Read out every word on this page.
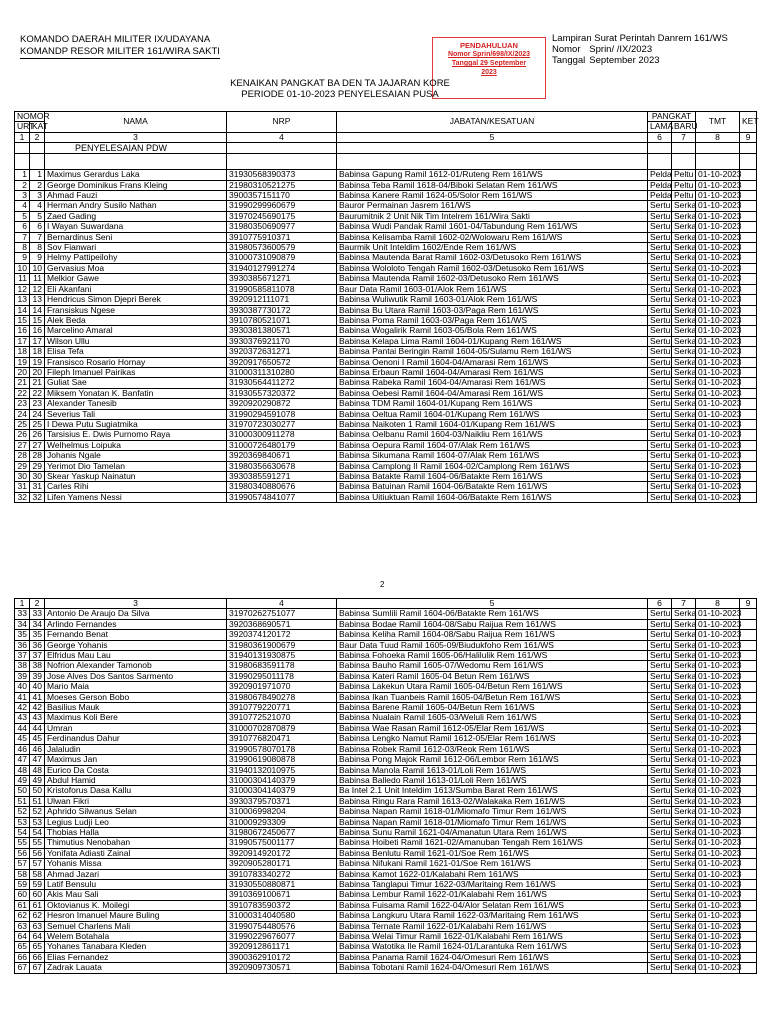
KOMANDO DAERAH MILITER IX/UDAYANA
KOMANDP RESOR MILITER 161/WIRA SAKTI
PENDAHULUAN
Nomor Sprin/698/IX/2023
Tanggal 29 September
2023
Lampiran Surat Perintah Danrem 161/WS
Nomor	Sprin/ /IX/2023
Tanggal	September 2023
KENAIKAN PANGKAT BA DEN TA JAJARAN KORE
PERIODE 01-10-2023 PENYELESAIAN PUSA
NOMOR		NAMA	NRP	JABATAN/KESATUAN	PANGKAT		TMT	KET
URT	KAT				LAMA	BARU		
1	2	3	4	5	6	7	8	9
		PENYELESAIAN PDW						

1	1	Maximus Gerardus Laka	31930568390373	Babinsa Gapung Ramil 1612-01/Ruteng Rem 161/WS	Pelda	Peltu	01-10-2023	
2	2	George Dominikus Frans Kleing	21980310521275	Babinsa Teba Ramil 1618-04/Biboki Selatan Rem 161/WS	Pelda	Peltu	01-10-2023	
3	3	Ahmad Fauzi	3900357151170	Babinsa Kanere Ramil 1624-05/Solor Rem 161/WS	Pelda	Peltu	01-10-2023	
4	4	Herman Andry Susilo Nathan	31990299960679	Bauror Permainan Jasrem 161/WS	Sertu	Serka	01-10-2023	
5	5	Zaed Gading	31970245690175	Baurumitnik 2 Unit Nik Tim Intelrem 161/Wira Sakti	Sertu	Serka	01-10-2023	
6	6	I Wayan Suwardana	31980350690977	Babinsa Wudi Pandak Ramil 1601-04/Tabundung Rem 161/WS	Sertu	Serka	01-10-2023	
7	7	Bernardinus Seni	3910775910371	Babinsa Kelisamba Ramil 1602-02/Wolowaru Rem 161/WS	Sertu	Serka	01-10-2023	
8	8	Sov Fianwari	31980573600579	Baurmik Unit Inteldim 1602/Ende Rem 161/WS	Sertu	Serka	01-10-2023	
9	9	Helmy Pattipeilohy	31000731090879	Babinsa Mautenda Barat Ramil 1602-03/Detusoko Rem 161/WS	Sertu	Serka	01-10-2023	
10	10	Gervasius Moa	31940127991274	Babinsa Wololoto Tengah Ramil 1602-03/Detusoko Rem 161/WS	Sertu	Serka	01-10-2023	
11	11	Melkior Gawe	3930385671271	Babinsa Mautenda Ramil 1602-03/Detusoko Rem 161/WS	Sertu	Serka	01-10-2023	
12	12	Eli Akanfani	31990585811078	Baur Data Ramil 1603-01/Alok Rem 161/WS	Sertu	Serka	01-10-2023	
13	13	Hendricus Simon Djepri Berek	3920912111071	Babinsa Wuliwutik Ramil 1603-01/Alok Rem 161/WS	Sertu	Serka	01-10-2023	
14	14	Fransiskus Ngese	3930387730172	Babinsa Bu Utara Ramil 1603-03/Paga Rem 161/WS	Sertu	Serka	01-10-2023	
15	15	Alek Beda	3910780521071	Babinsa Poma Ramil 1603-03/Paga Rem 161/WS	Sertu	Serka	01-10-2023	
16	16	Marcelino Amaral	3930381380571	Babinsa Wogalirik Ramil 1603-05/Bola Rem 161/WS	Sertu	Serka	01-10-2023	
17	17	Wilson Ullu	3930376921170	Babinsa Kelapa Lima Ramil 1604-01/Kupang Rem 161/WS	Sertu	Serka	01-10-2023	
18	18	Elisa Tefa	3920372631271	Babinsa Pantai Beringin Ramil 1604-05/Sulamu Rem 161/WS	Sertu	Serka	01-10-2023	
19	19	Fransisco Rosario Hornay	3920917650572	Babinsa Oenoni I Ramil 1604-04/Amarasi Rem 161/WS	Sertu	Serka	01-10-2023	
20	20	Fileph Imanuel Pairikas	31000311310280	Babinsa Erbaun Ramil 1604-04/Amarasi Rem 161/WS	Sertu	Serka	01-10-2023	
21	21	Guliat Sae	31930564411272	Babinsa Rabeka Ramil 1604-04/Amarasi Rem 161/WS	Sertu	Serka	01-10-2023	
22	22	Miksem Yonatan K. Banfatin	31930557320372	Babinsa Oebesi Ramil 1604-04/Amarasi Rem 161/WS	Sertu	Serka	01-10-2023	
23	23	Alexander Tanesib	3920920290872	Babinsa TDM Ramil 1604-01/Kupang Rem 161/WS	Sertu	Serka	01-10-2023	
24	24	Severius Tali	31990294591078	Babinsa Oeltua Ramil 1604-01/Kupang Rem 161/WS	Sertu	Serka	01-10-2023	
25	25	I Dewa Putu Sugiatmika	31970723030277	Babinsa Naikoten 1 Ramil 1604-01/Kupang Rem 161/WS	Sertu	Serka	01-10-2023	
26	26	Tarsisius E. Dwis Purnomo Raya	31000300911278	Babinsa Oelbanu Ramil 1604-03/Naikliu Rem 161/WS	Sertu	Serka	01-10-2023	
27	27	Welhelmus Loipuka	31000726480179	Babinsa Oepura Ramil 1604-07/Alak Rem 161/WS	Sertu	Serka	01-10-2023	
28	28	Johanis Ngale	3920369840671	Babinsa Sikumana Ramil 1604-07/Alak Rem 161/WS	Sertu	Serka	01-10-2023	
29	29	Yerimot Dio Tamelan	31980356630678	Babinsa Camplong II Ramil 1604-02/Camplong Rem 161/WS	Sertu	Serka	01-10-2023	
30	30	Skear Yaskup Nainatun	3930385591271	Babinsa Batakte Ramil 1604-06/Batakte Rem 161/WS	Sertu	Serka	01-10-2023	
31	31	Carles Rihi	31980340880676	Babinsa Batuinan Ramil 1604-06/Batakte Rem 161/WS	Sertu	Serka	01-10-2023	
32	32	Lifen Yamens Nessi	31990574841077	Babinsa Uitiuktuan Ramil 1604-06/Batakte Rem 161/WS	Sertu	Serka	01-10-2023	
2
1	2	3	4	5	6	7	8	9
33	33	Antonio De Araujo Da Silva	31970262751077	Babinsa Sumlili Ramil 1604-06/Batakte Rem 161/WS	Sertu	Serka	01-10-2023	
34	34	Arlindo Fernandes	3920368690571	Babinsa Bodae Ramil 1604-08/Sabu Raijua Rem 161/WS	Sertu	Serka	01-10-2023	
35	35	Fernando Benat	3920374120172	Babinsa Keliha Ramil 1604-08/Sabu Raijua Rem 161/WS	Sertu	Serka	01-10-2023	
36	36	George Yohanis	31980361900679	Baur Data Tuud Ramil 1605-09/Biudukfoho Rem 161/WS	Sertu	Serka	01-10-2023	
37	37	Elfridus Mau Lau	31940131930875	Babinsa Fohoeka Ramil 1605-06/Halilulik Rem 161/WS	Sertu	Serka	01-10-2023	
38	38	Nofrion Alexander Tamonob	31980683591178	Babinsa Bauho Ramil 1605-07/Wedomu Rem 161/WS	Sertu	Serka	01-10-2023	
39	39	Jose Alves Dos Santos Sarmento	31990295011178	Babinsa Kateri Ramil 1605-04 Betun Rem 161/WS	Sertu	Serka	01-10-2023	
40	40	Mario Maia	3920901971070	Babinsa Lakekun Utara Ramil 1605-04/Betun Rem 161/WS	Sertu	Serka	01-10-2023	
41	41	Moeses Gerson Bobo	31980678490278	Babinsa Ikan Tuanbeis Ramil 1605-04/Betun Rem 161/WS	Sertu	Serka	01-10-2023	
42	42	Basilius Mauk	3910779220771	Babinsa Barene Ramil 1605-04/Betun Rem 161/WS	Sertu	Serka	01-10-2023	
43	43	Maximus Koli Bere	3910772521070	Babinsa Nualain Ramil 1605-03/Weluli Rem 161/WS	Sertu	Serka	01-10-2023	
44	44	Umran	31000702870879	Babinsa Wae Rasan Ramil 1612-05/Elar Rem 161/WS	Sertu	Serka	01-10-2023	
45	45	Ferdinandus Dahur	3910776820471	Babinsa Lengko Namut Ramil 1612-05/Elar Rem 161/WS	Sertu	Serka	01-10-2023	
46	46	Jalaludin	31990578070178	Babinsa Robek Ramil 1612-03/Reok Rem 161/WS	Sertu	Serka	01-10-2023	
47	47	Maximus Jan	31990619080878	Babinsa Pong Majok Ramil 1612-06/Lembor Rem 161/WS	Sertu	Serka	01-10-2023	
48	48	Eurico Da Costa	31940132010975	Babinsa Manola Ramil 1613-01/Loli Rem 161/WS	Sertu	Serka	01-10-2023	
49	49	Abdul Hamid	31000304140379	Babinsa Balledo Ramil 1613-01/Loli Rem 161/WS	Sertu	Serka	01-10-2023	
50	50	Kristoforus Dasa Kallu	31000304140379	Ba Intel 2.1 Unit Inteldim 1613/Sumba Barat Rem 161/WS	Sertu	Serka	01-10-2023	
51	51	Ulwan Fikri	3930379570371	Babinsa Ringu Rara Ramil 1613-02/Walakaka Rem 161/WS	Sertu	Serka	01-10-2023	
52	52	Aphrido Silwanus Selan	310006998204	Babinsa Napan Ramil 1618-01/Miomafo Timur Rem 161/WS	Sertu	Serka	01-10-2023	
53	53	Legius Ludji Leo	310009293309	Babinsa Napan Ramil 1618-01/Miomafo Timur Rem 161/WS	Sertu	Serka	01-10-2023	
54	54	Thobias Halla	31980672450677	Babinsa Sunu Ramil 1621-04/Amanatun Utara Rem 161/WS	Sertu	Serka	01-10-2023	
55	55	Thimutius Nenobahan	31990575001177	Babinsa Hoibeti Ramil 1621-02/Amanuban Tengah Rem 161/WS	Sertu	Serka	01-10-2023	
56	56	Yonifata Adiasti Zainal	3920914920172	Babinsa Benlutu Ramil 1621-01/Soe Rem 161/WS	Sertu	Serka	01-10-2023	
57	57	Yohanis Missa	3920905280171	Babinsa Nifukani Ramil 1621-01/Soe Rem 161/WS	Sertu	Serka	01-10-2023	
58	58	Ahmad Jazari	3910783340272	Babinsa Kamot 1622-01/Kalabahi Rem 161/WS	Sertu	Serka	01-10-2023	
59	59	Latif Bensulu	31930550880871	Babinsa Tanglapui Timur 1622-03/Maritaing Rem 161/WS	Sertu	Serka	01-10-2023	
60	60	Akis Mau Sali	3910369100671	Babinsa Lembur Ramil 1622-01/Kalabahi Rem 161/WS	Sertu	Serka	01-10-2023	
61	61	Oktovianus K. Moilegi	3910783590372	Babinsa Fuisama Ramil 1622-04/Alor Selatan Rem 161/WS	Sertu	Serka	01-10-2023	
62	62	Hesron Imanuel Maure Buling	31000314040580	Babinsa Langkuru Utara Ramil 1622-03/Maritaing Rem 161/WS	Sertu	Serka	01-10-2023	
63	63	Semuel Charlens Mali	31990754480576	Babinsa Ternate Ramil 1622-01/Kalabahi Rem 161/WS	Sertu	Serka	01-10-2023	
64	64	Welem Botahala	31990229676077	Babinsa Welai Timur Ramil 1622-01/Kalabahi Rem 161/WS	Sertu	Serka	01-10-2023	
65	65	Yohanes Tanabara Kleden	3920912861171	Babinsa Watotika Ile Ramil 1624-01/Larantuka Rem 161/WS	Sertu	Serka	01-10-2023	
66	66	Elias Fernandez	3900362910172	Babinsa Panama Ramil 1624-04/Omesuri Rem 161/WS	Sertu	Serka	01-10-2023	
67	67	Zadrak Lauata	3920909730571	Babinsa Tobotani Ramil 1624-04/Omesuri Rem 161/WS	Sertu	Serka	01-10-2023	
